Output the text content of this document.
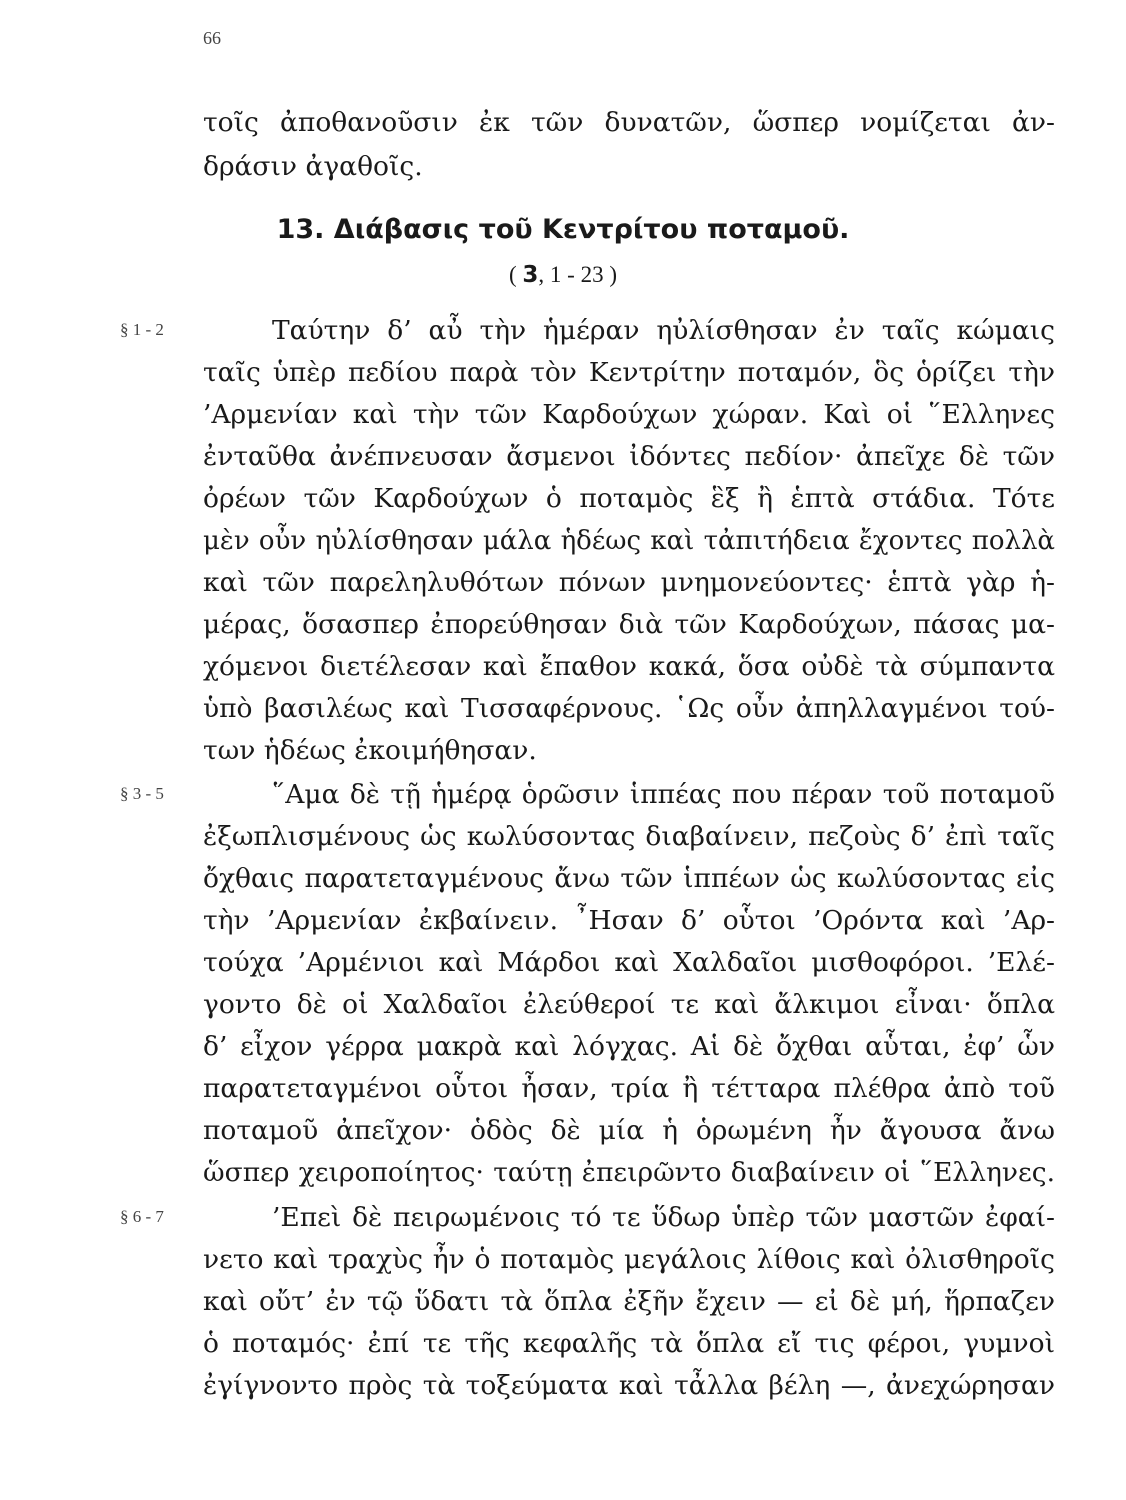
66
τοῖς ἀποθανοῦσιν ἐκ τῶν δυνατῶν, ὥσπερ νομίζεται ἀν-
δράσιν ἀγαθοῖς.
13. Διάβασις τοῦ Κεντρίτου ποταμοῦ.
( 3, 1 - 23 )
§ 1 - 2
§ 3 - 5
§ 6 - 7
Ταύτην δ’ αὖ τὴν ἡμέραν ηὐλίσθησαν ἐν ταῖς κώμαις
ταῖς ὑπὲρ πεδίου παρὰ τὸν Κεντρίτην ποταμόν, ὃς ὁρίζει τὴν
’Αρμενίαν καὶ τὴν τῶν Καρδούχων χώραν. Καὶ οἱ ῞Ελληνες
ἐνταῦθα ἀνέπνευσαν ἄσμενοι ἰδόντες πεδίον· ἀπεῖχε δὲ τῶν
ὀρέων τῶν Καρδούχων ὁ ποταμὸς ἓξ ἢ ἑπτὰ στάδια. Τότε
μὲν οὖν ηὐλίσθησαν μάλα ἡδέως καὶ τἀπιτήδεια ἔχοντες πολλὰ
καὶ τῶν παρεληλυθότων πόνων μνημονεύοντες· ἑπτὰ γὰρ ἡ-
μέρας, ὅσασπερ ἐπορεύθησαν διὰ τῶν Καρδούχων, πάσας μα-
χόμενοι διετέλεσαν καὶ ἔπαθον κακά, ὅσα οὐδὲ τὰ σύμπαντα
ὑπὸ βασιλέως καὶ Τισσαφέρνους. ῾Ως οὖν ἀπηλλαγμένοι τού-
των ἡδέως ἐκοιμήθησαν.
῞Αμα δὲ τῇ ἡμέρᾳ ὁρῶσιν ἱππέας που πέραν τοῦ ποταμοῦ
ἐξωπλισμένους ὡς κωλύσοντας διαβαίνειν, πεζοὺς δ’ ἐπὶ ταῖς
ὄχθαις παρατεταγμένους ἄνω τῶν ἱππέων ὡς κωλύσοντας εἰς
τὴν ’Αρμενίαν ἐκβαίνειν. ῏Ησαν δ’ οὗτοι ’Ορόντα καὶ ’Αρ-
τούχα ’Αρμένιοι καὶ Μάρδοι καὶ Χαλδαῖοι μισθοφόροι. ’Ελέ-
γοντο δὲ οἱ Χαλδαῖοι ἐλεύθεροί τε καὶ ἄλκιμοι εἶναι· ὅπλα
δ’ εἶχον γέρρα μακρὰ καὶ λόγχας. Αἱ δὲ ὄχθαι αὗται, ἐφ’ ὧν
παρατεταγμένοι οὗτοι ἦσαν, τρία ἢ τέτταρα πλέθρα ἀπὸ τοῦ
ποταμοῦ ἀπεῖχον· ὁδὸς δὲ μία ἡ ὁρωμένη ἦν ἄγουσα ἄνω
ὥσπερ χειροποίητος· ταύτῃ ἐπειρῶντο διαβαίνειν οἱ ῞Ελληνες.
’Επεὶ δὲ πειρωμένοις τό τε ὕδωρ ὑπὲρ τῶν μαστῶν ἐφαί-
νετο καὶ τραχὺς ἦν ὁ ποταμὸς μεγάλοις λίθοις καὶ ὀλισθηροῖς
καὶ οὔτ’ ἐν τῷ ὕδατι τὰ ὅπλα ἐξῆν ἔχειν — εἰ δὲ μή, ἥρπαζεν
ὁ ποταμός· ἐπί τε τῆς κεφαλῆς τὰ ὅπλα εἴ τις φέροι, γυμνοὶ
ἐγίγνοντο πρὸς τὰ τοξεύματα καὶ τἆλλα βέλη —, ἀνεχώρησαν
